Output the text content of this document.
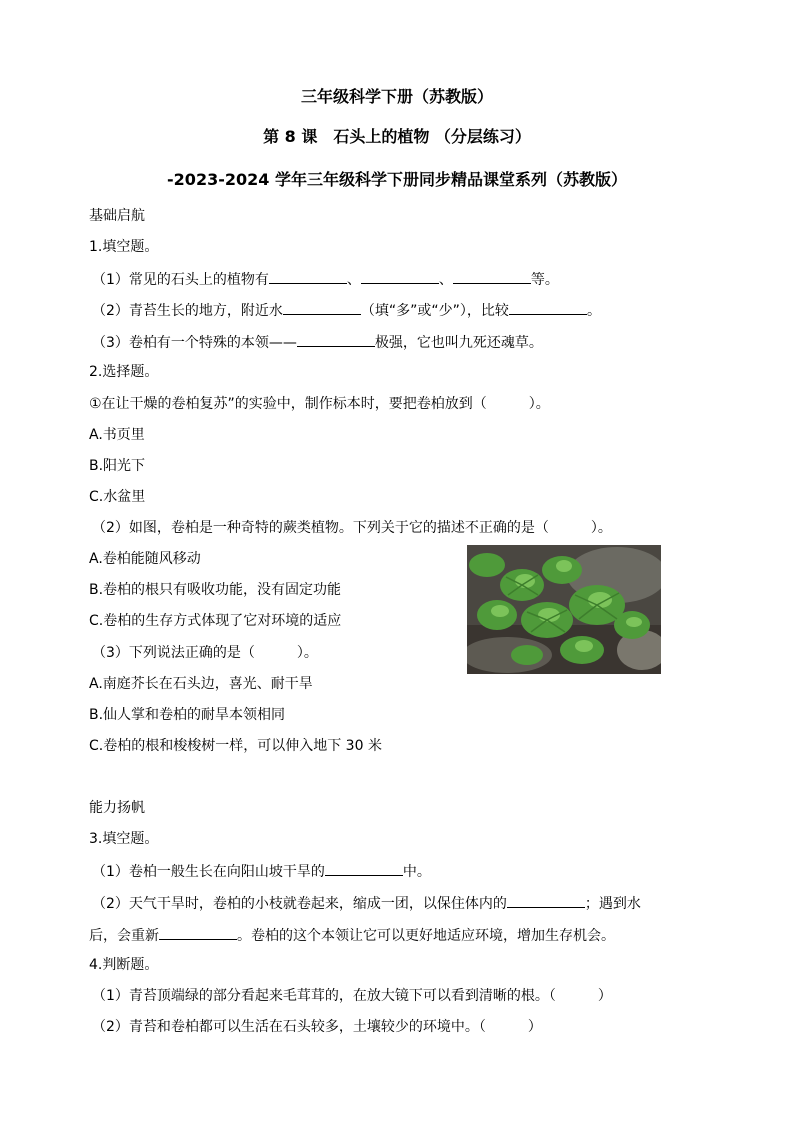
三年级科学下册（苏教版）
第 8 课　石头上的植物 （分层练习）
-2023-2024 学年三年级科学下册同步精品课堂系列（苏教版）
基础启航
1.填空题。
（1）常见的石头上的植物有	、	、	等。
（2）青苔生长的地方，附近水	（填“多”或“少”），比较	。
（3）卷柏有一个特殊的本领——	极强，它也叫九死还魂草。
2.选择题。
①在让干燥的卷柏复苏”的实验中，制作标本时，要把卷柏放到（　　　）。
A.书页里
B.阳光下
C.水盆里
（2）如图，卷柏是一种奇特的蕨类植物。下列关于它的描述不正确的是（　　　）。
A.卷柏能随风移动
B.卷柏的根只有吸收功能，没有固定功能
C.卷柏的生存方式体现了它对环境的适应
（3）下列说法正确的是（　　　）。
A.南庭芥长在石头边，喜光、耐干旱
B.仙人掌和卷柏的耐旱本领相同
C.卷柏的根和梭梭树一样，可以伸入地下 30 米
能力扬帆
3.填空题。
（1）卷柏一般生长在向阳山坡干旱的	中。
（2）天气干旱时，卷柏的小枝就卷起来，缩成一团，以保住体内的	；遇到水
后，会重新	。卷柏的这个本领让它可以更好地适应环境，增加生存机会。
4.判断题。
（1）青苔顶端绿的部分看起来毛茸茸的，在放大镜下可以看到清晰的根。（　　　）
（2）青苔和卷柏都可以生活在石头较多，土壤较少的环境中。（　　　）
